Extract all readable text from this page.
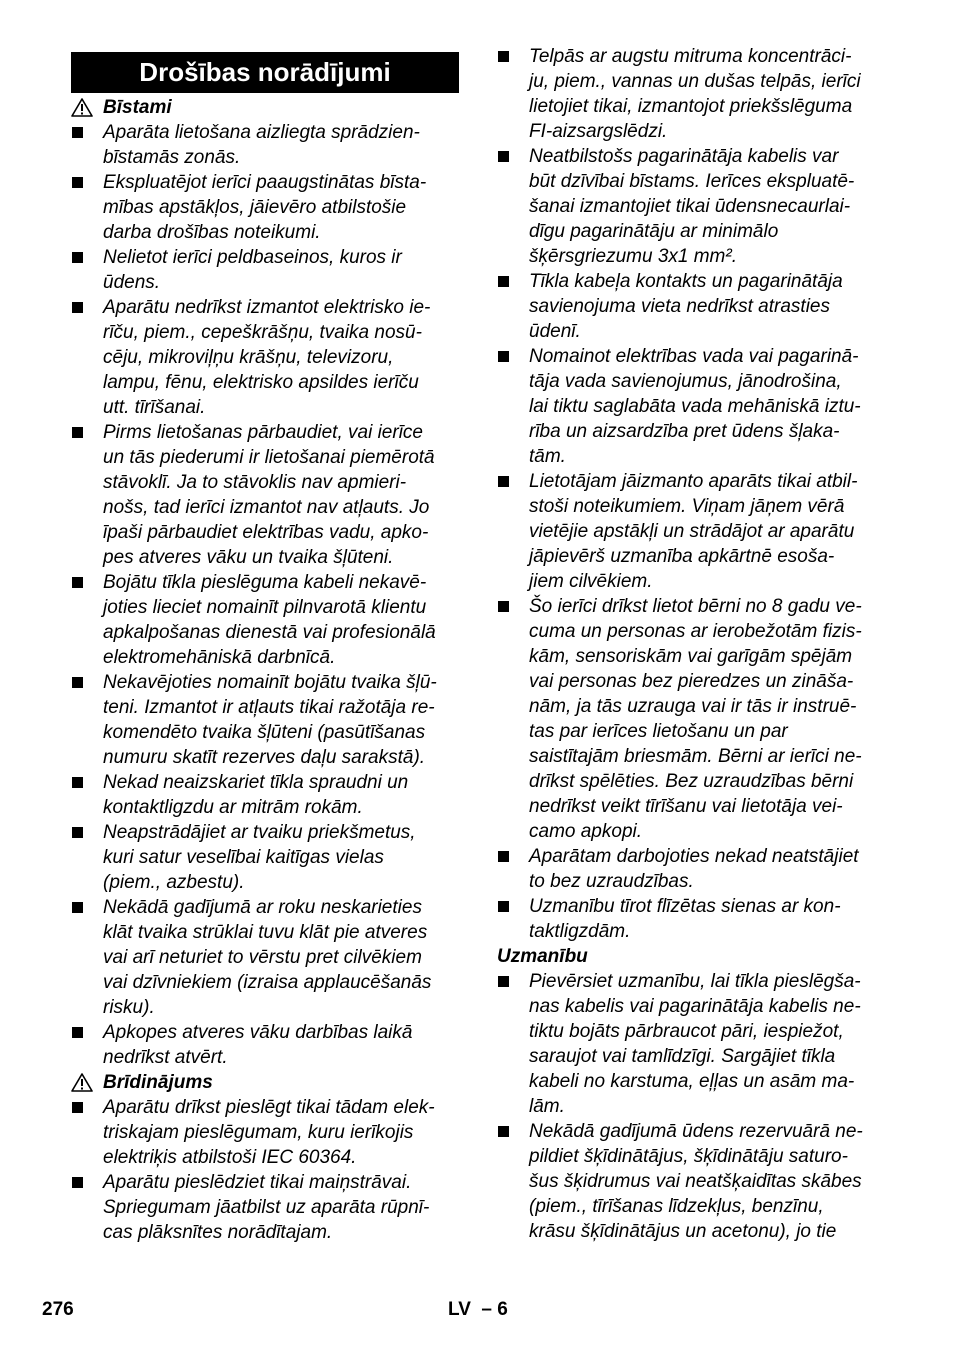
Drošības norādījumi
Bīstami
Aparāta lietošana aizliegta sprādzien-
bīstamās zonās.
Ekspluatējot ierīci paaugstinātas bīsta-
mības apstākļos, jāievēro atbilstošie
darba drošības noteikumi.
Nelietot ierīci peldbaseinos, kuros ir
ūdens.
Aparātu nedrīkst izmantot elektrisko ie-
rīču, piem., cepeškrāšņu, tvaika nosū-
cēju, mikroviļņu krāšņu, televizoru,
lampu, fēnu, elektrisko apsildes ierīču
utt. tīrīšanai.
Pirms lietošanas pārbaudiet, vai ierīce
un tās piederumi ir lietošanai piemērotā
stāvoklī. Ja to stāvoklis nav apmieri-
nošs, tad ierīci izmantot nav atļauts. Jo
īpaši pārbaudiet elektrības vadu, apko-
pes atveres vāku un tvaika šļūteni.
Bojātu tīkla pieslēguma kabeli nekavē-
joties lieciet nomainīt pilnvarotā klientu
apkalpošanas dienestā vai profesionālā
elektromehāniskā darbnīcā.
Nekavējoties nomainīt bojātu tvaika šļū-
teni. Izmantot ir atļauts tikai ražotāja re-
komendēto tvaika šļūteni (pasūtīšanas
numuru skatīt rezerves daļu sarakstā).
Nekad neaizskariet tīkla spraudni un
kontaktligzdu ar mitrām rokām.
Neapstrādājiet ar tvaiku priekšmetus,
kuri satur veselībai kaitīgas vielas
(piem., azbestu).
Nekādā gadījumā ar roku neskarieties
klāt tvaika strūklai tuvu klāt pie atveres
vai arī neturiet to vērstu pret cilvēkiem
vai dzīvniekiem (izraisa applaucēšanās
risku).
Apkopes atveres vāku darbības laikā
nedrīkst atvērt.
Brīdinājums
Aparātu drīkst pieslēgt tikai tādam elek-
triskajam pieslēgumam, kuru ierīkojis
elektriķis atbilstoši IEC 60364.
Aparātu pieslēdziet tikai maiņstrāvai.
Spriegumam jāatbilst uz aparāta rūpnī-
cas plāksnītes norādītajam.
Telpās ar augstu mitruma koncentrāci-
ju, piem., vannas un dušas telpās, ierīci
lietojiet tikai, izmantojot priekšslēguma
FI-aizsargslēdzi.
Neatbilstošs pagarinātāja kabelis var
būt dzīvībai bīstams. Ierīces ekspluatē-
šanai izmantojiet tikai ūdensnecaurlai-
dīgu pagarinātāju ar minimālo
šķērsgriezumu 3x1 mm².
Tīkla kabeļa kontakts un pagarinātāja
savienojuma vieta nedrīkst atrasties
ūdenī.
Nomainot elektrības vada vai pagarinā-
tāja vada savienojumus, jānodrošina,
lai tiktu saglabāta vada mehāniskā iztu-
rība un aizsardzība pret ūdens šļaka-
tām.
Lietotājam jāizmanto aparāts tikai atbil-
stoši noteikumiem. Viņam jāņem vērā
vietējie apstākļi un strādājot ar aparātu
jāpievērš uzmanība apkārtnē esoša-
jiem cilvēkiem.
Šo ierīci drīkst lietot bērni no 8 gadu ve-
cuma un personas ar ierobežotām fizis-
kām, sensoriskām vai garīgām spējām
vai personas bez pieredzes un zināša-
nām, ja tās uzrauga vai ir tās ir instruē-
tas par ierīces lietošanu un par
saistītajām briesmām. Bērni ar ierīci ne-
drīkst spēlēties. Bez uzraudzības bērni
nedrīkst veikt tīrīšanu vai lietotāja vei-
camo apkopi.
Aparātam darbojoties nekad neatstājiet
to bez uzraudzības.
Uzmanību tīrot flīzētas sienas ar kon-
taktligzdām.
Uzmanību
Pievērsiet uzmanību, lai tīkla pieslēgša-
nas kabelis vai pagarinātāja kabelis ne-
tiktu bojāts pārbraucot pāri, iespiežot,
saraujot vai tamlīdzīgi. Sargājiet tīkla
kabeli no karstuma, eļļas un asām ma-
lām.
Nekādā gadījumā ūdens rezervuārā ne-
pildiet šķīdinātājus, šķīdinātāju saturo-
šus šķidrumus vai neatšķaidītas skābes
(piem., tīrīšanas līdzekļus, benzīnu,
krāsu šķīdinātājus un acetonu), jo tie
276	LV  – 6
